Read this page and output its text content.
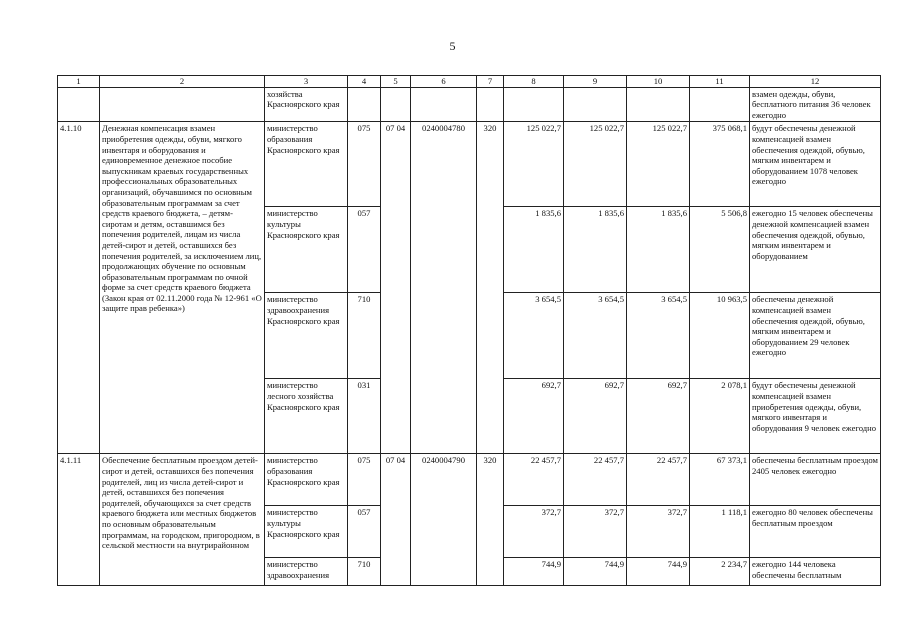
5
1	2	3	4	5	6	7	8	9	10	11	12
		хозяйства Красноярского края									взамен одежды, обуви, бесплатного питания 36 человек ежегодно
4.1.10	Денежная компенсация взамен приобретения одежды, обуви, мягкого инвентаря и оборудования и единовременное денежное пособие выпускникам краевых государственных профессиональных образовательных организаций, обучавшимся по основным образовательным программам за счет средств краевого бюджета, – детям-сиротам и детям, оставшимся без попечения родителей, лицам из числа детей-сирот и детей, оставшихся без попечения родителей, за исключением лиц, продолжающих обучение по основным образовательным программам по очной форме за счет средств краевого бюджета (Закон края от 02.11.2000 года № 12-961 «О защите прав ребенка»)	министерство образования Красноярского края	075	07 04	0240004780	320	125 022,7	125 022,7	125 022,7	375 068,1	будут обеспечены денежной компенсацией взамен обеспечения одеждой, обувью, мягким инвентарем и оборудованием 1078 человек ежегодно
		министерство культуры Красноярского края	057				1 835,6	1 835,6	1 835,6	5 506,8	ежегодно 15 человек обеспечены денежной компенсацией взамен обеспечения одеждой, обувью, мягким инвентарем и оборудованием
		министерство здравоохранения Красноярского края	710				3 654,5	3 654,5	3 654,5	10 963,5	обеспечены денежной компенсацией взамен обеспечения одеждой, обувью, мягким инвентарем и оборудованием 29 человек ежегодно
		министерство лесного хозяйства Красноярского края	031				692,7	692,7	692,7	2 078,1	будут обеспечены денежной компенсацией взамен приобретения одежды, обуви, мягкого инвентаря и оборудования 9 человек ежегодно
4.1.11	Обеспечение бесплатным проездом детей-сирот и детей, оставшихся без попечения родителей, лиц из числа детей-сирот и детей, оставшихся без попечения родителей, обучающихся за счет средств краевого бюджета или местных бюджетов по основным образовательным программам, на городском, пригородном, в сельской местности на внутрирайонном	министерство образования Красноярского края	075	07 04	0240004790	320	22 457,7	22 457,7	22 457,7	67 373,1	обеспечены бесплатным проездом 2405 человек ежегодно
		министерство культуры Красноярского края	057				372,7	372,7	372,7	1 118,1	ежегодно 80 человек обеспечены бесплатным проездом
		министерство здравоохранения	710				744,9	744,9	744,9	2 234,7	ежегодно 144 человека обеспечены бесплатным
